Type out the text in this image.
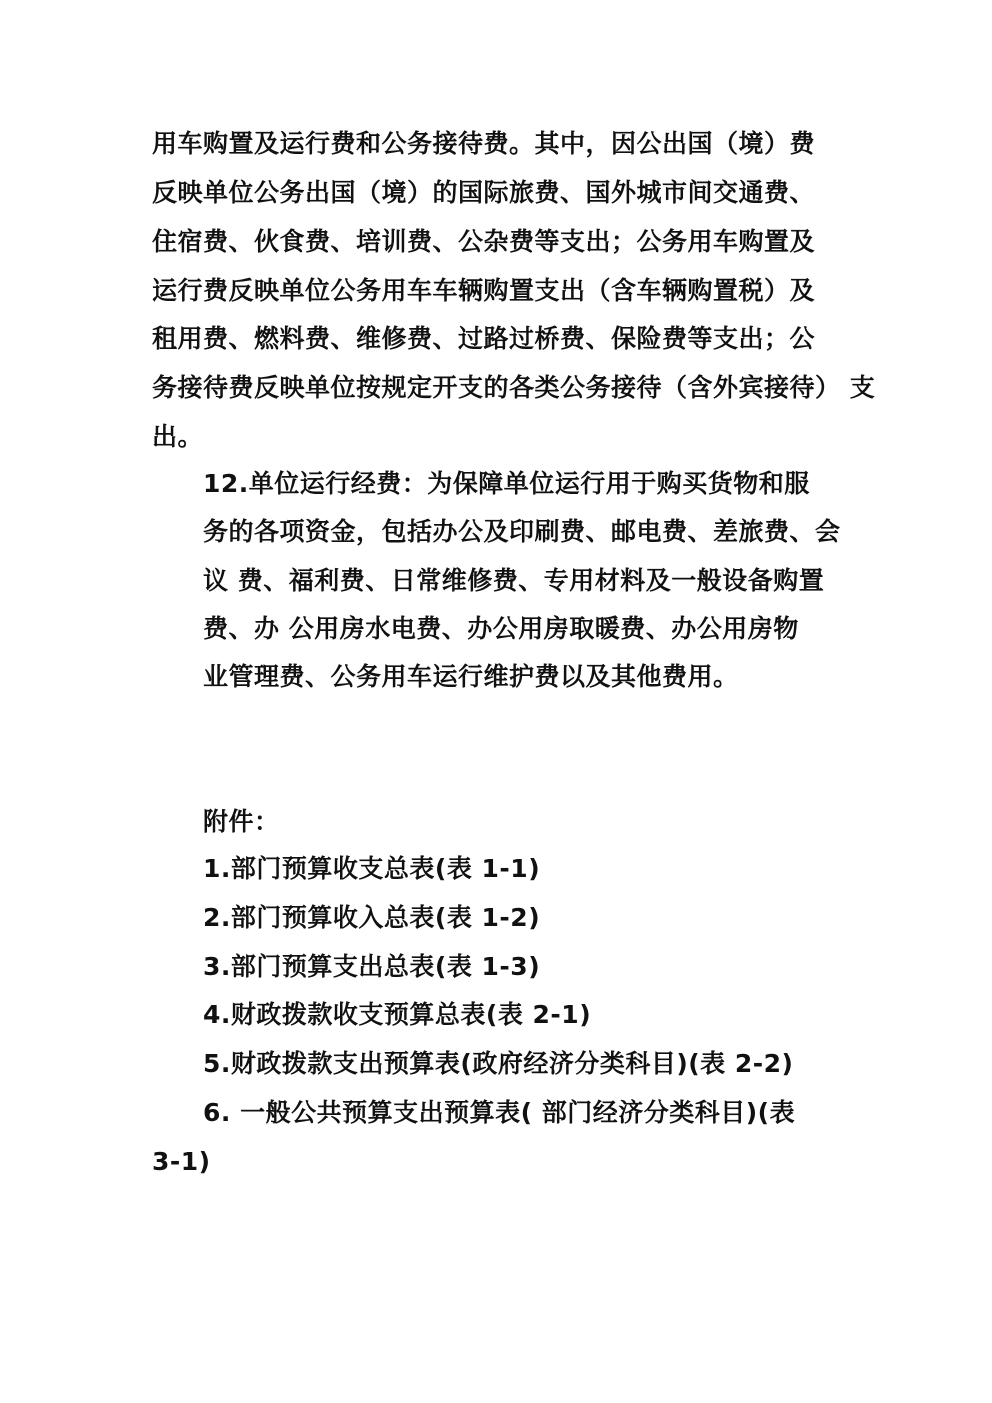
用车购置及运行费和公务接待费。其中，因公出国（境）费
反映单位公务出国（境）的国际旅费、国外城市间交通费、
住宿费、伙食费、培训费、公杂费等支出；公务用车购置及
运行费反映单位公务用车车辆购置支出（含车辆购置税）及
租用费、燃料费、维修费、过路过桥费、保险费等支出；公
务接待费反映单位按规定开支的各类公务接待（含外宾接待） 支
出。
12.单位运行经费：为保障单位运行用于购买货物和服
务的各项资金，包括办公及印刷费、邮电费、差旅费、会
议 费、福利费、日常维修费、专用材料及一般设备购置
费、办 公用房水电费、办公用房取暖费、办公用房物
业管理费、公务用车运行维护费以及其他费用。
附件：
1.部门预算收支总表(表 1-1)
2.部门预算收入总表(表 1-2)
3.部门预算支出总表(表 1-3)
4.财政拨款收支预算总表(表 2-1)
5.财政拨款支出预算表(政府经济分类科目)(表 2-2)
6. 一般公共预算支出预算表( 部门经济分类科目)(表
3-1)
